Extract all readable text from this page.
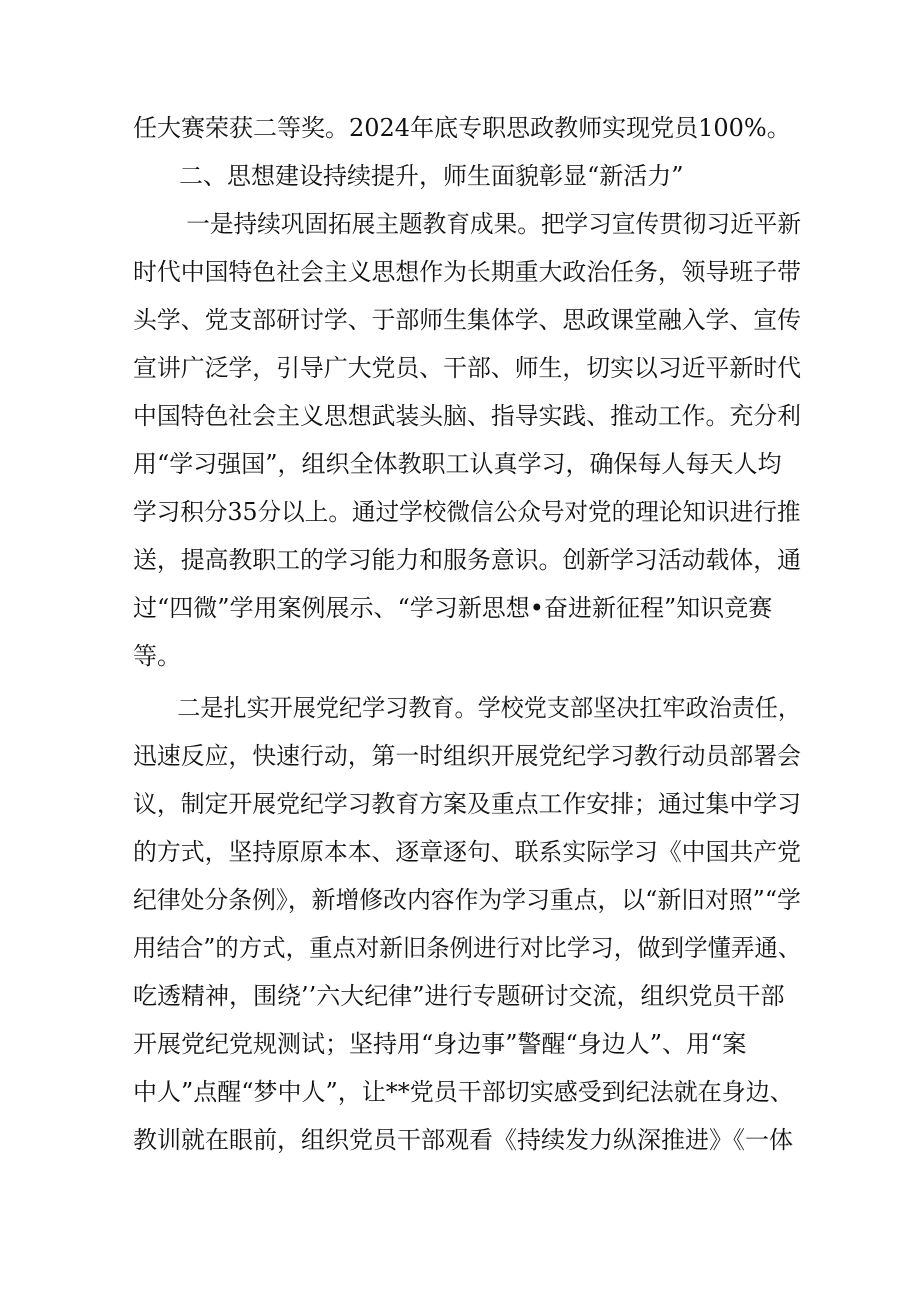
任大赛荣获二等奖。2024年底专职思政教师实现党员100%。
二、思想建设持续提升，师生面貌彰显“新活力”
一是持续巩固拓展主题教育成果。把学习宣传贯彻习近平新
时代中国特色社会主义思想作为长期重大政治任务，领导班子带
头学、党支部研讨学、于部师生集体学、思政课堂融入学、宣传
宣讲广泛学，引导广大党员、干部、师生，切实以习近平新时代
中国特色社会主义思想武装头脑、指导实践、推动工作。充分利
用“学习强国”，组织全体教职工认真学习，确保每人每天人均
学习积分35分以上。通过学校微信公众号对党的理论知识进行推
送，提高教职工的学习能力和服务意识。创新学习活动载体，通
过“四微”学用案例展示、“学习新思想•奋进新征程”知识竞赛
等。
二是扎实开展党纪学习教育。学校党支部坚决扛牢政治责任，
迅速反应，快速行动，第一时组织开展党纪学习教行动员部署会
议，制定开展党纪学习教育方案及重点工作安排；通过集中学习
的方式，坚持原原本本、逐章逐句、联系实际学习《中国共产党
纪律处分条例》，新增修改内容作为学习重点，以“新旧对照”“学
用结合”的方式，重点对新旧条例进行对比学习，做到学懂弄通、
吃透精神，围绕’’六大纪律”进行专题研讨交流，组织党员干部
开展党纪党规测试；坚持用“身边事”警醒“身边人”、用“案
中人”点醒“梦中人”，让**党员干部切实感受到纪法就在身边、
教训就在眼前，组织党员干部观看《持续发力纵深推进》《一体
